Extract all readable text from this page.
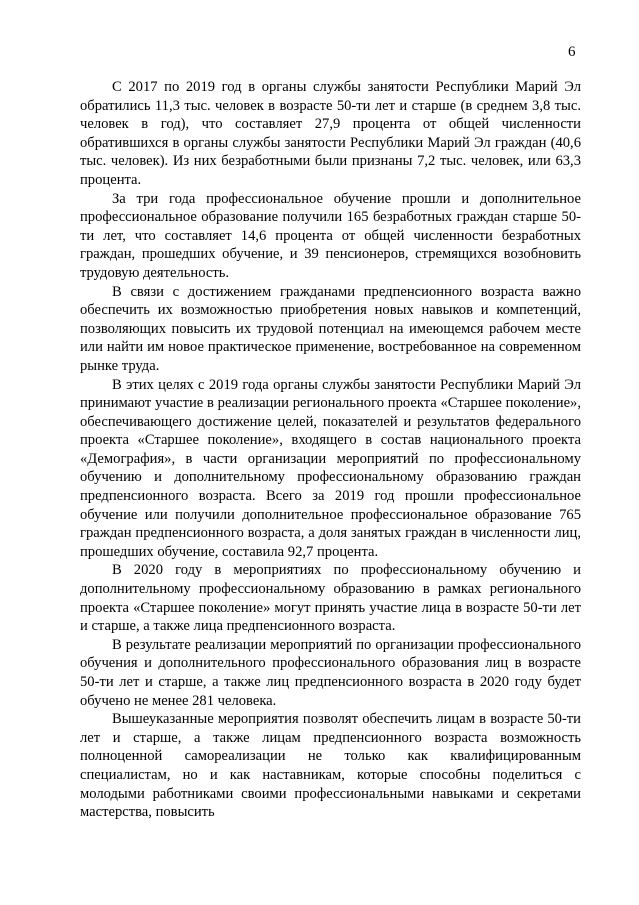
6

С 2017 по 2019 год в органы службы занятости Республики Марий Эл обратились 11,3 тыс. человек в возрасте 50-ти лет и старше (в среднем 3,8 тыс. человек в год), что составляет 27,9 процента от общей численности обратившихся в органы службы занятости Республики Марий Эл граждан (40,6 тыс. человек). Из них безработными были признаны 7,2 тыс. человек, или 63,3 процента.

За три года профессиональное обучение прошли и дополнительное профессиональное образование получили 165 безработных граждан старше 50-ти лет, что составляет 14,6 процента от общей численности безработных граждан, прошедших обучение, и 39 пенсионеров, стремящихся возобновить трудовую деятельность.

В связи с достижением гражданами предпенсионного возраста важно обеспечить их возможностью приобретения новых навыков и компетенций, позволяющих повысить их трудовой потенциал на имеющемся рабочем месте или найти им новое практическое применение, востребованное на современном рынке труда.

В этих целях с 2019 года органы службы занятости Республики Марий Эл принимают участие в реализации регионального проекта «Старшее поколение», обеспечивающего достижение целей, показателей и результатов федерального проекта «Старшее поколение», входящего в состав национального проекта «Демография», в части организации мероприятий по профессиональному обучению и дополнительному профессиональному образованию граждан предпенсионного возраста. Всего за 2019 год прошли профессиональное обучение или получили дополнительное профессиональное образование 765 граждан предпенсионного возраста, а доля занятых граждан в численности лиц, прошедших обучение, составила 92,7 процента.

В 2020 году в мероприятиях по профессиональному обучению и дополнительному профессиональному образованию в рамках регионального проекта «Старшее поколение» могут принять участие лица в возрасте 50-ти лет и старше, а также лица предпенсионного возраста.

В результате реализации мероприятий по организации профессионального обучения и дополнительного профессионального образования лиц в возрасте 50-ти лет и старше, а также лиц предпенсионного возраста в 2020 году будет обучено не менее 281 человека.

Вышеуказанные мероприятия позволят обеспечить лицам в возрасте 50-ти лет и старше, а также лицам предпенсионного возраста возможность полноценной самореализации не только как квалифицированным специалистам, но и как наставникам, которые способны поделиться с молодыми работниками своими профессиональными навыками и секретами мастерства, повысить
